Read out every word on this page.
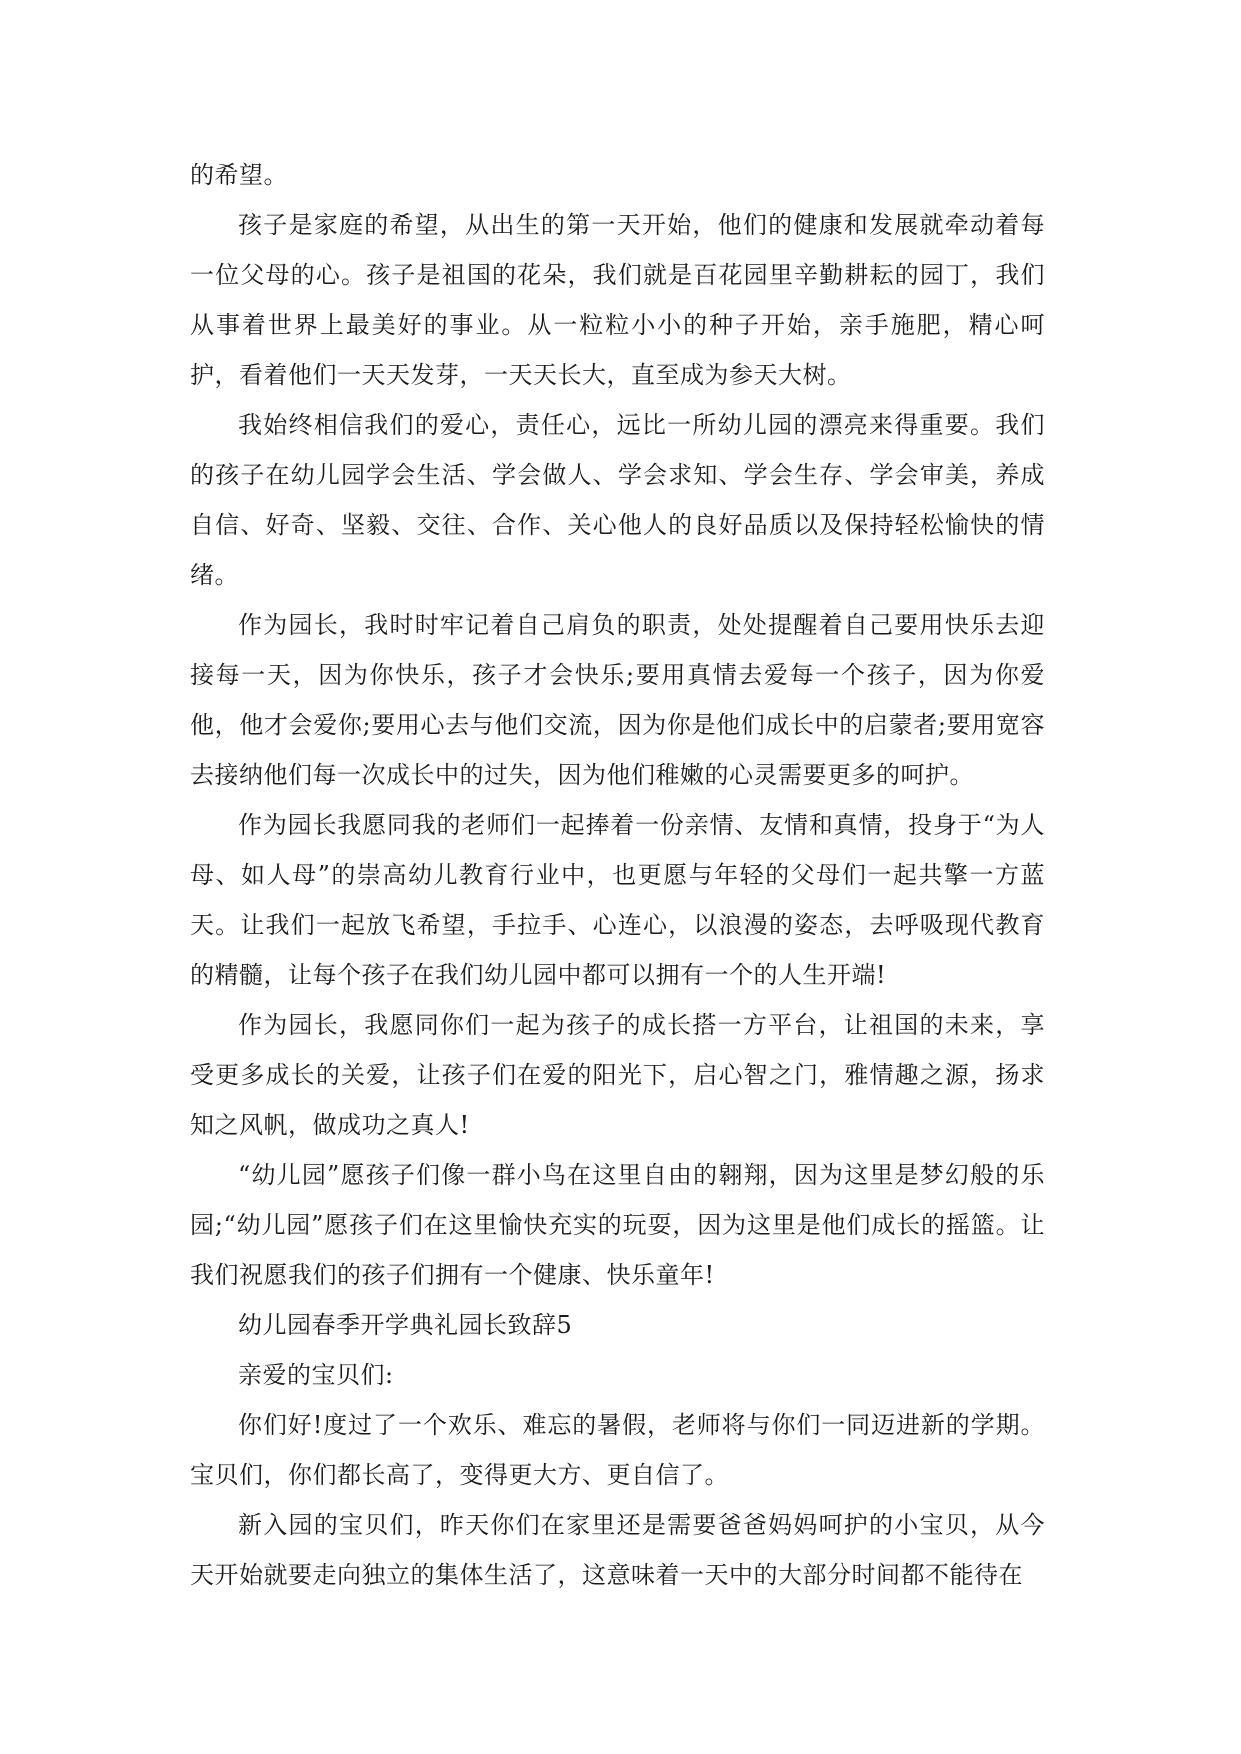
的希望。

孩子是家庭的希望，从出生的第一天开始，他们的健康和发展就牵动着每一位父母的心。孩子是祖国的花朵，我们就是百花园里辛勤耕耘的园丁，我们从事着世界上最美好的事业。从一粒粒小小的种子开始，亲手施肥，精心呵护，看着他们一天天发芽，一天天长大，直至成为参天大树。

我始终相信我们的爱心，责任心，远比一所幼儿园的漂亮来得重要。我们的孩子在幼儿园学会生活、学会做人、学会求知、学会生存、学会审美，养成自信、好奇、坚毅、交往、合作、关心他人的良好品质以及保持轻松愉快的情绪。

作为园长，我时时牢记着自己肩负的职责，处处提醒着自己要用快乐去迎接每一天，因为你快乐，孩子才会快乐;要用真情去爱每一个孩子，因为你爱他，他才会爱你;要用心去与他们交流，因为你是他们成长中的启蒙者;要用宽容去接纳他们每一次成长中的过失，因为他们稚嫩的心灵需要更多的呵护。

作为园长我愿同我的老师们一起捧着一份亲情、友情和真情，投身于“为人母、如人母”的崇高幼儿教育行业中，也更愿与年轻的父母们一起共擎一方蓝天。让我们一起放飞希望，手拉手、心连心，以浪漫的姿态，去呼吸现代教育的精髓，让每个孩子在我们幼儿园中都可以拥有一个的人生开端!

作为园长，我愿同你们一起为孩子的成长搭一方平台，让祖国的未来，享受更多成长的关爱，让孩子们在爱的阳光下，启心智之门，雅情趣之源，扬求知之风帆，做成功之真人!

“幼儿园”愿孩子们像一群小鸟在这里自由的翱翔，因为这里是梦幻般的乐园;“幼儿园”愿孩子们在这里愉快充实的玩耍，因为这里是他们成长的摇篮。让我们祝愿我们的孩子们拥有一个健康、快乐童年!

幼儿园春季开学典礼园长致辞5

亲爱的宝贝们:

你们好!度过了一个欢乐、难忘的暑假，老师将与你们一同迈进新的学期。宝贝们，你们都长高了，变得更大方、更自信了。

新入园的宝贝们，昨天你们在家里还是需要爸爸妈妈呵护的小宝贝，从今天开始就要走向独立的集体生活了，这意味着一天中的大部分时间都不能待在
